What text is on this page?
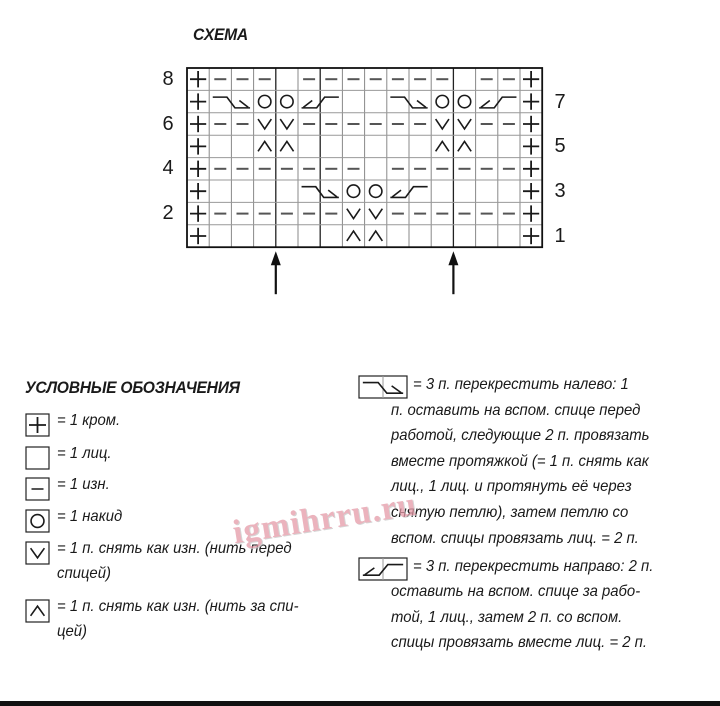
СХЕМА
8
6
4
2
7
5
3
1
УСЛОВНЫЕ ОБОЗНАЧЕНИЯ
= 1 кром.
= 1 лиц.
= 1 изн.
= 1 накид
= 1 п. снять как изн. (нить перед
спицей)
= 1 п. снять как изн. (нить за спи-
цей)
= 3 п. перекрестить налево: 1
п. оставить на вспом. спице перед
работой, следующие 2 п. провязать
вместе протяжкой (= 1 п. снять как
лиц., 1 лиц. и протянуть её через
снятую петлю), затем петлю со
вспом. спицы провязать лиц. = 2 п.
= 3 п. перекрестить направо: 2 п.
оставить на вспом. спице за рабо-
той, 1 лиц., затем 2 п. со вспом.
спицы провязать вместе лиц. = 2 п.
igmihrru.ru
